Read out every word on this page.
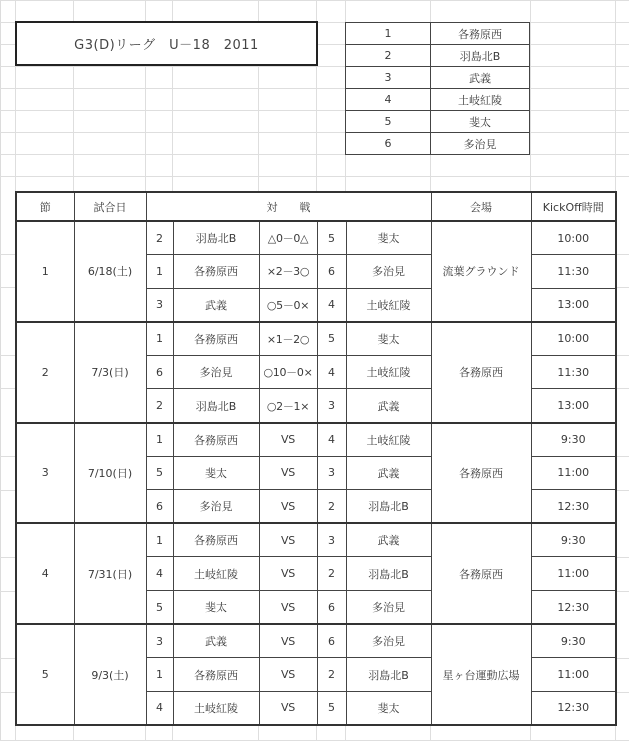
G3(D)リーグ　U－18　2011
1	各務原西
2	羽島北B
3	武義
4	土岐紅陵
5	斐太
6	多治見
節	試合日	対　　戦					会場	KickOff時間
1	6/18(土)	2	羽島北B	△0－0△	5	斐太	流葉グラウンド	10:00
		1	各務原西	×2－3○	6	多治見		11:30
		3	武義	○5－0×	4	土岐紅陵		13:00
2	7/3(日)	1	各務原西	×1－2○	5	斐太	各務原西	10:00
		6	多治見	○10－0×	4	土岐紅陵		11:30
		2	羽島北B	○2－1×	3	武義		13:00
3	7/10(日)	1	各務原西	VS	4	土岐紅陵	各務原西	9:30
		5	斐太	VS	3	武義		11:00
		6	多治見	VS	2	羽島北B		12:30
4	7/31(日)	1	各務原西	VS	3	武義	各務原西	9:30
		4	土岐紅陵	VS	2	羽島北B		11:00
		5	斐太	VS	6	多治見		12:30
5	9/3(土)	3	武義	VS	6	多治見	星ヶ台運動広場	9:30
		1	各務原西	VS	2	羽島北B		11:00
		4	土岐紅陵	VS	5	斐太		12:30
